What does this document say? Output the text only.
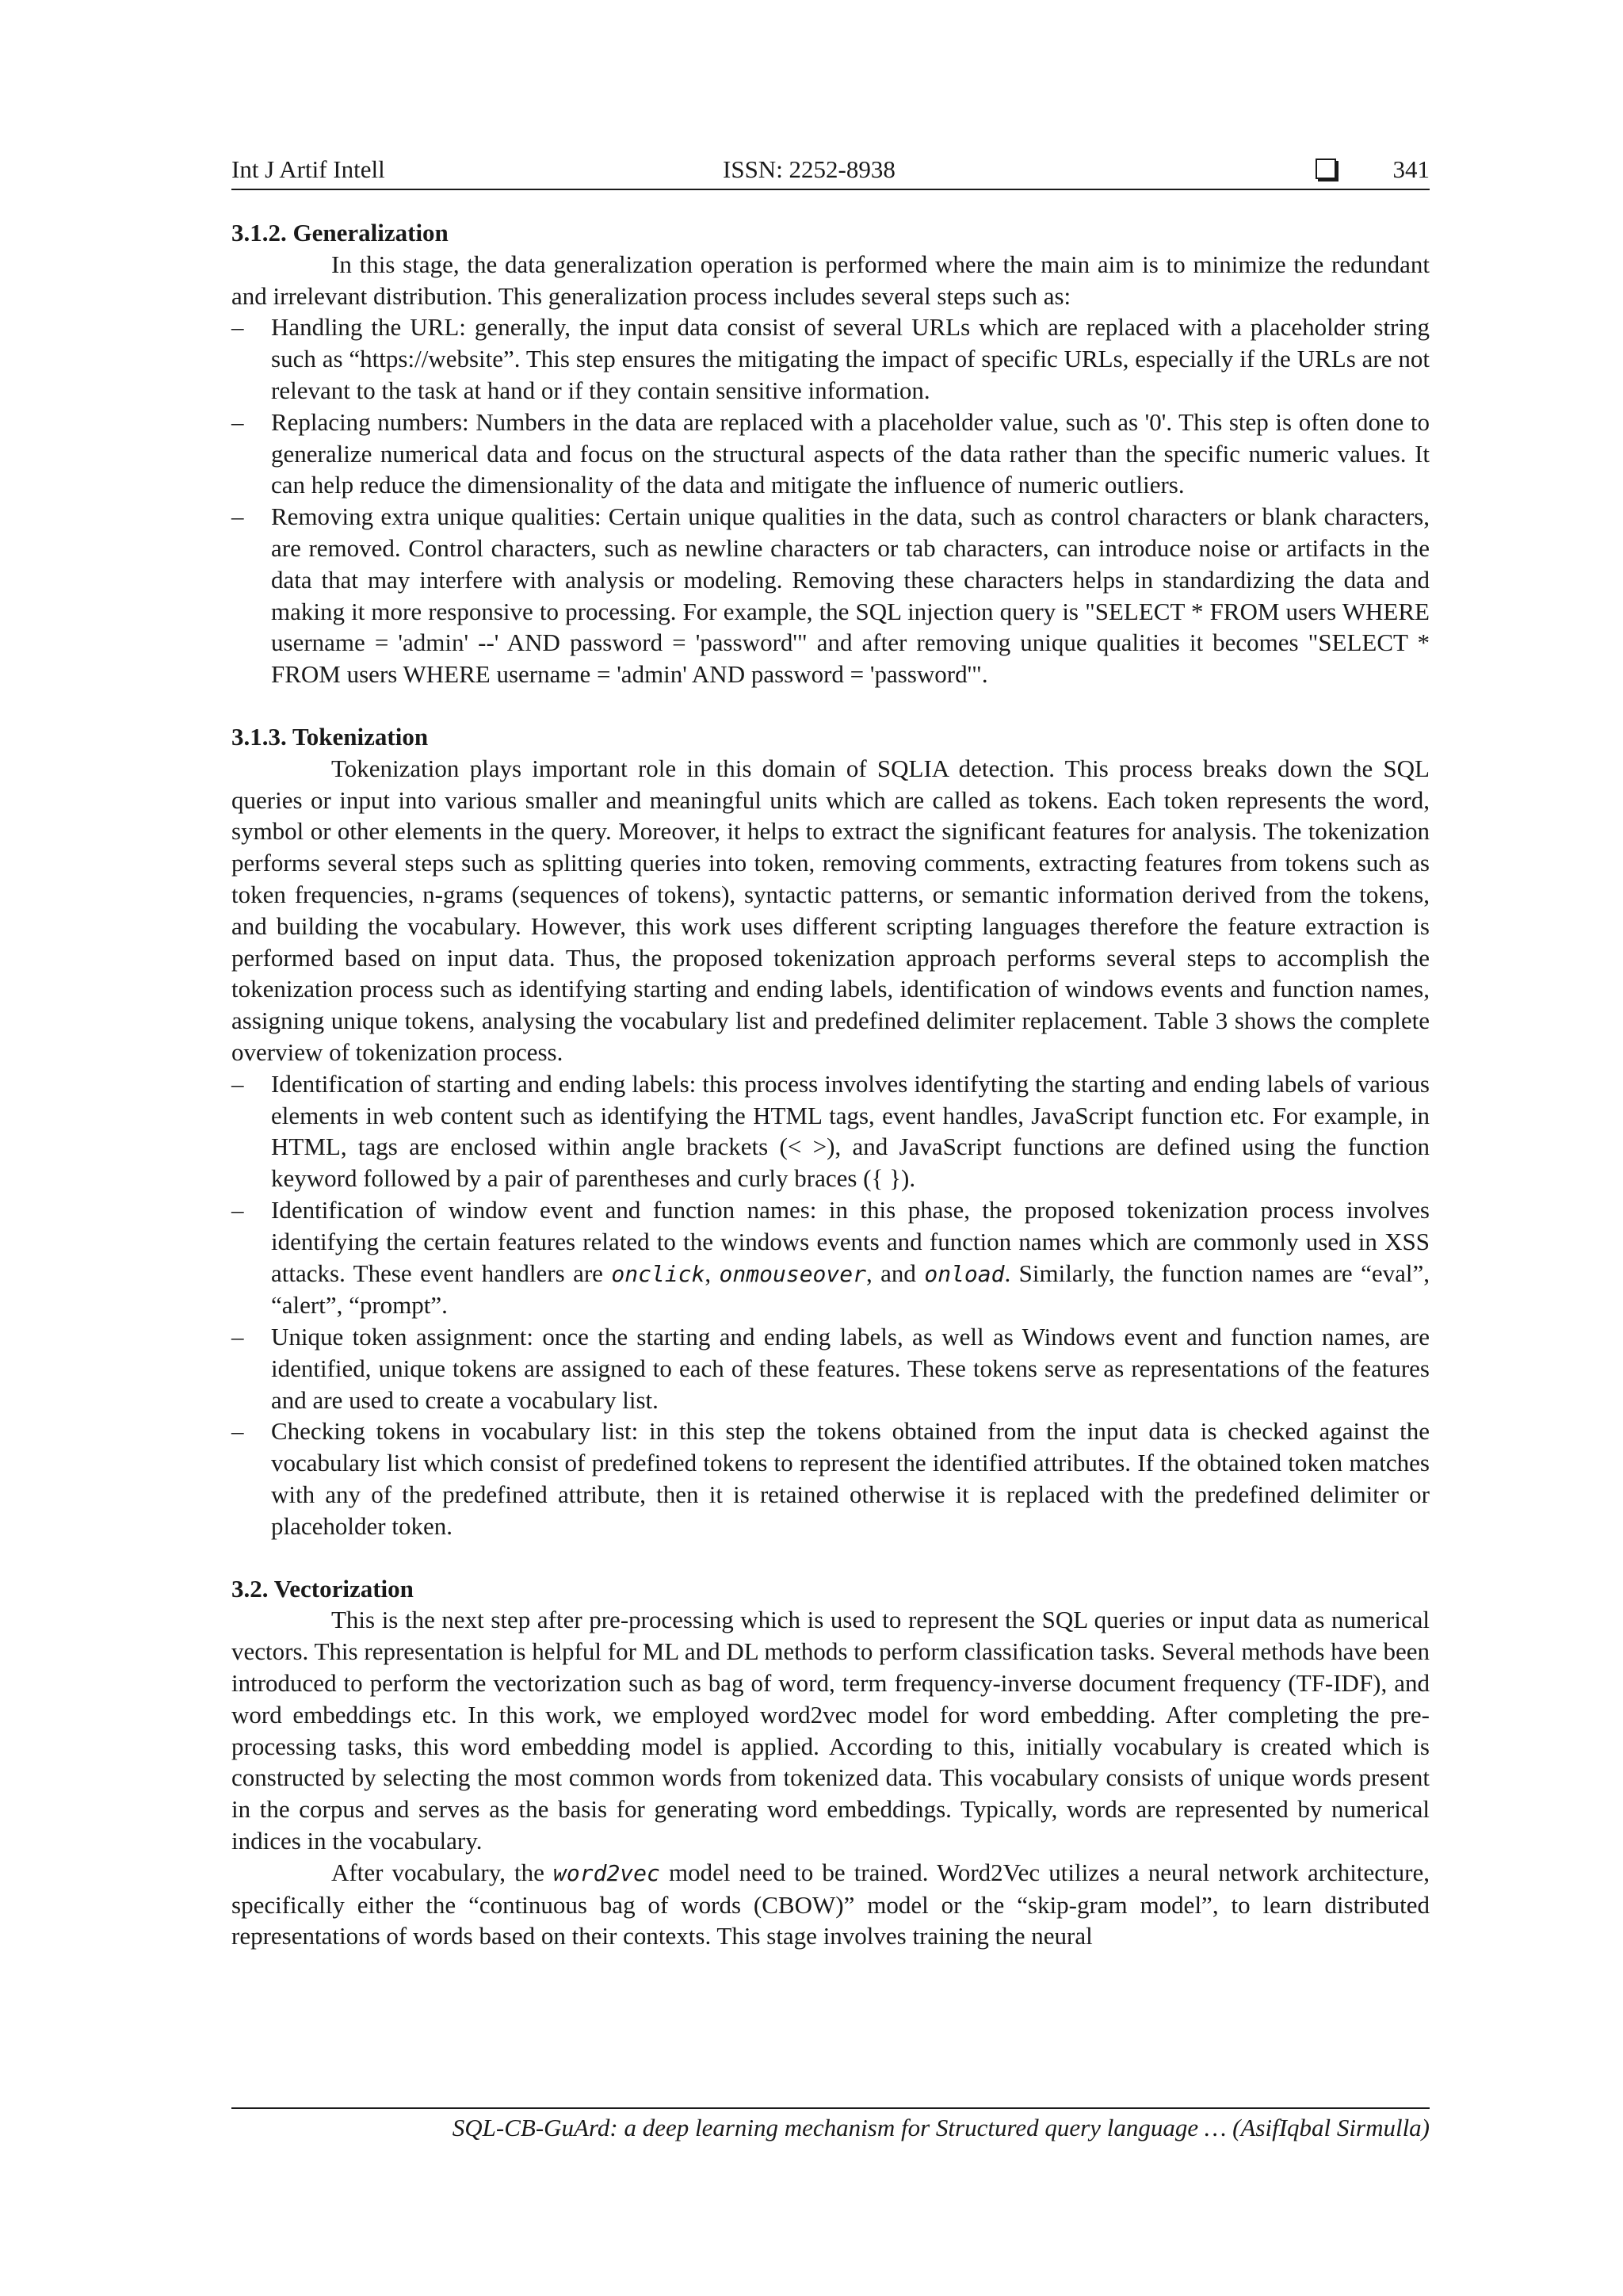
Int J Artif Intell	ISSN: 2252-8938	341
3.1.2. Generalization

In this stage, the data generalization operation is performed where the main aim is to minimize the redundant and irrelevant distribution. This generalization process includes several steps such as:

– Handling the URL: generally, the input data consist of several URLs which are replaced with a placeholder string such as “https://website”. This step ensures the mitigating the impact of specific URLs, especially if the URLs are not relevant to the task at hand or if they contain sensitive information.
– Replacing numbers: Numbers in the data are replaced with a placeholder value, such as '0'. This step is often done to generalize numerical data and focus on the structural aspects of the data rather than the specific numeric values. It can help reduce the dimensionality of the data and mitigate the influence of numeric outliers.
– Removing extra unique qualities: Certain unique qualities in the data, such as control characters or blank characters, are removed. Control characters, such as newline characters or tab characters, can introduce noise or artifacts in the data that may interfere with analysis or modeling. Removing these characters helps in standardizing the data and making it more responsive to processing. For example, the SQL injection query is "SELECT * FROM users WHERE username = 'admin' --' AND password = 'password'" and after removing unique qualities it becomes "SELECT * FROM users WHERE username = 'admin' AND password = 'password'".
3.1.3. Tokenization

Tokenization plays important role in this domain of SQLIA detection. This process breaks down the SQL queries or input into various smaller and meaningful units which are called as tokens. Each token represents the word, symbol or other elements in the query. Moreover, it helps to extract the significant features for analysis. The tokenization performs several steps such as splitting queries into token, removing comments, extracting features from tokens such as token frequencies, n-grams (sequences of tokens), syntactic patterns, or semantic information derived from the tokens, and building the vocabulary. However, this work uses different scripting languages therefore the feature extraction is performed based on input data. Thus, the proposed tokenization approach performs several steps to accomplish the tokenization process such as identifying starting and ending labels, identification of windows events and function names, assigning unique tokens, analysing the vocabulary list and predefined delimiter replacement. Table 3 shows the complete overview of tokenization process.

– Identification of starting and ending labels: this process involves identifyting the starting and ending labels of various elements in web content such as identifying the HTML tags, event handles, JavaScript function etc. For example, in HTML, tags are enclosed within angle brackets (< >), and JavaScript functions are defined using the function keyword followed by a pair of parentheses and curly braces ({ }).
– Identification of window event and function names: in this phase, the proposed tokenization process involves identifying the certain features related to the windows events and function names which are commonly used in XSS attacks. These event handlers are onclick, onmouseover, and onload. Similarly, the function names are “eval”, “alert”, “prompt”.
– Unique token assignment: once the starting and ending labels, as well as Windows event and function names, are identified, unique tokens are assigned to each of these features. These tokens serve as representations of the features and are used to create a vocabulary list.
– Checking tokens in vocabulary list: in this step the tokens obtained from the input data is checked against the vocabulary list which consist of predefined tokens to represent the identified attributes. If the obtained token matches with any of the predefined attribute, then it is retained otherwise it is replaced with the predefined delimiter or placeholder token.
3.2. Vectorization

This is the next step after pre-processing which is used to represent the SQL queries or input data as numerical vectors. This representation is helpful for ML and DL methods to perform classification tasks. Several methods have been introduced to perform the vectorization such as bag of word, term frequency-inverse document frequency (TF-IDF), and word embeddings etc. In this work, we employed word2vec model for word embedding. After completing the pre-processing tasks, this word embedding model is applied. According to this, initially vocabulary is created which is constructed by selecting the most common words from tokenized data. This vocabulary consists of unique words present in the corpus and serves as the basis for generating word embeddings. Typically, words are represented by numerical indices in the vocabulary.

After vocabulary, the word2vec model need to be trained. Word2Vec utilizes a neural network architecture, specifically either the “continuous bag of words (CBOW)” model or the “skip-gram model”, to learn distributed representations of words based on their contexts. This stage involves training the neural

SQL-CB-GuArd: a deep learning mechanism for Structured query language … (AsifIqbal Sirmulla)
